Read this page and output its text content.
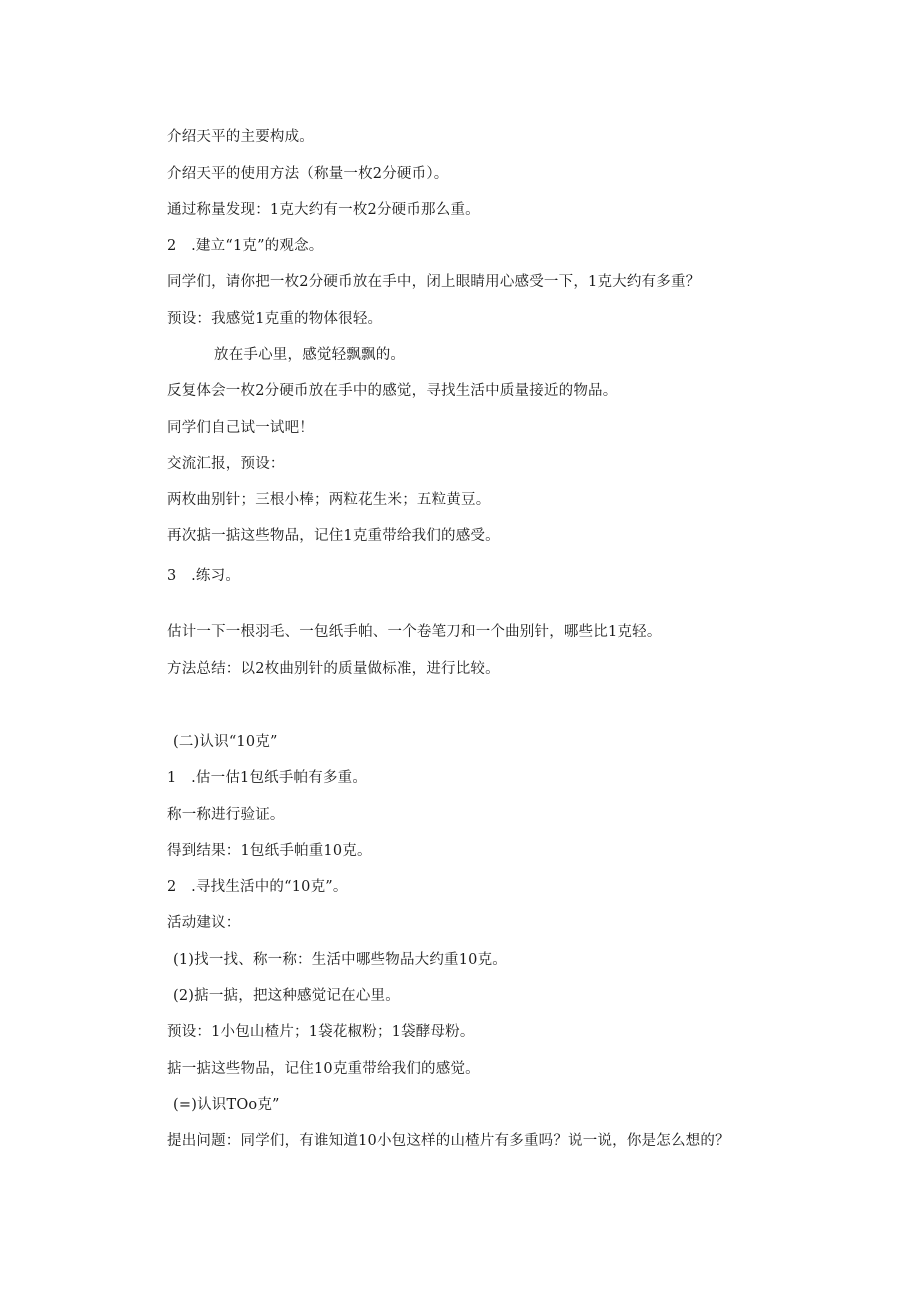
介绍天平的主要构成。
介绍天平的使用方法（称量一枚2分硬币）。
通过称量发现：1克大约有一枚2分硬币那么重。
2　.建立“1克”的观念。
同学们，请你把一枚2分硬币放在手中，闭上眼睛用心感受一下，1克大约有多重？
预设：我感觉1克重的物体很轻。
放在手心里，感觉轻飘飘的。
反复体会一枚2分硬币放在手中的感觉，寻找生活中质量接近的物品。
同学们自己试一试吧！
交流汇报，预设：
两枚曲别针；三根小棒；两粒花生米；五粒黄豆。
再次掂一掂这些物品，记住1克重带给我们的感受。
3　.练习。
估计一下一根羽毛、一包纸手帕、一个卷笔刀和一个曲别针，哪些比1克轻。
方法总结：以2枚曲别针的质量做标准，进行比较。
(二)认识“10克”
1　.估一估1包纸手帕有多重。
称一称进行验证。
得到结果：1包纸手帕重10克。
2　.寻找生活中的“10克”。
活动建议：
(1)找一找、称一称：生活中哪些物品大约重10克。
(2)掂一掂，把这种感觉记在心里。
预设：1小包山楂片；1袋花椒粉；1袋酵母粉。
掂一掂这些物品，记住10克重带给我们的感觉。
(=)认识TOo克”
提出问题：同学们，有谁知道10小包这样的山楂片有多重吗？说一说，你是怎么想的？
